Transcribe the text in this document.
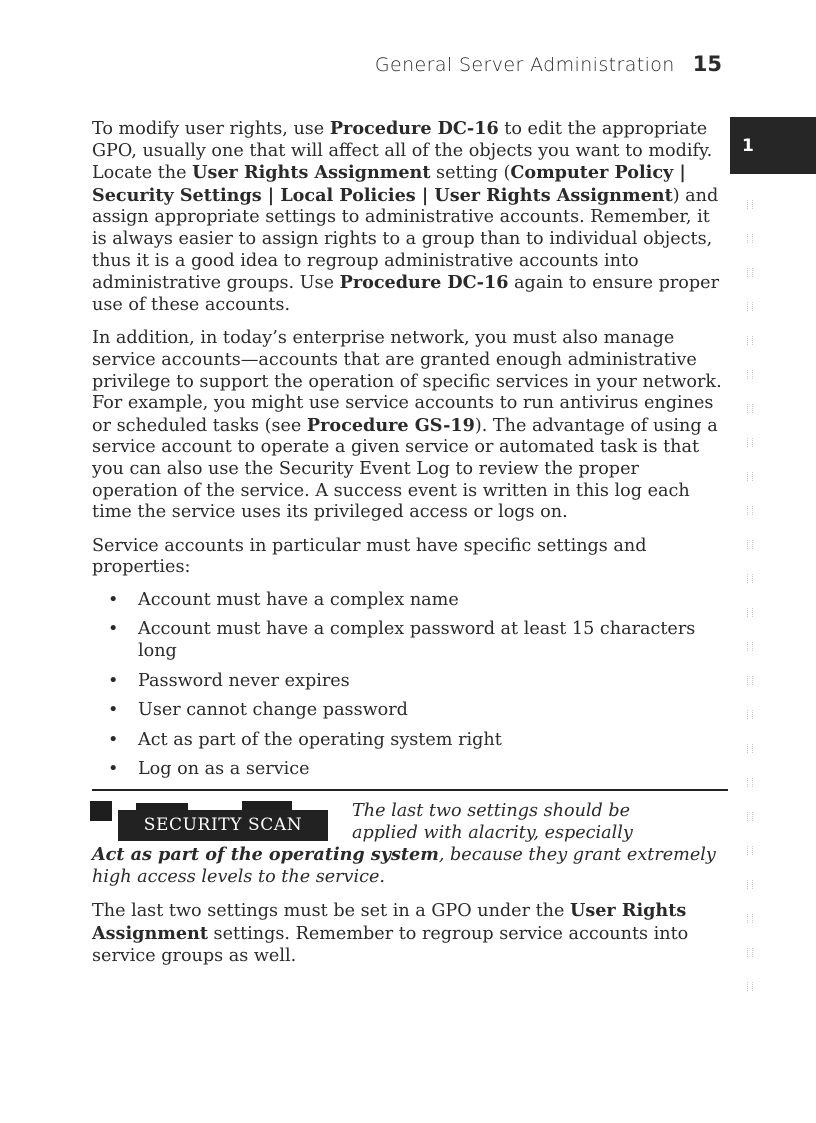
General Server Administration 15
1

To modify user rights, use Procedure DC-16 to edit the appropriate GPO, usually one that will affect all of the objects you want to modify. Locate the User Rights Assignment setting (Computer Policy | Security Settings | Local Policies | User Rights Assignment) and assign appropriate settings to administrative accounts. Remember, it is always easier to assign rights to a group than to individual objects, thus it is a good idea to regroup administrative accounts into administrative groups. Use Procedure DC-16 again to ensure proper use of these accounts.

In addition, in today’s enterprise network, you must also manage service accounts—accounts that are granted enough administrative privilege to support the operation of specific services in your network. For example, you might use service accounts to run antivirus engines or scheduled tasks (see Procedure GS-19). The advantage of using a service account to operate a given service or automated task is that you can also use the Security Event Log to review the proper operation of the service. A success event is written in this log each time the service uses its privileged access or logs on.

Service accounts in particular must have specific settings and properties:

• Account must have a complex name
• Account must have a complex password at least 15 characters long
• Password never expires
• User cannot change password
• Act as part of the operating system right
• Log on as a service
SECURITY SCAN

The last two settings should be
applied with alacrity, especially
Act as part of the operating system, because they grant extremely high access levels to the service.

The last two settings must be set in a GPO under the User Rights Assignment settings. Remember to regroup service accounts into service groups as well.
